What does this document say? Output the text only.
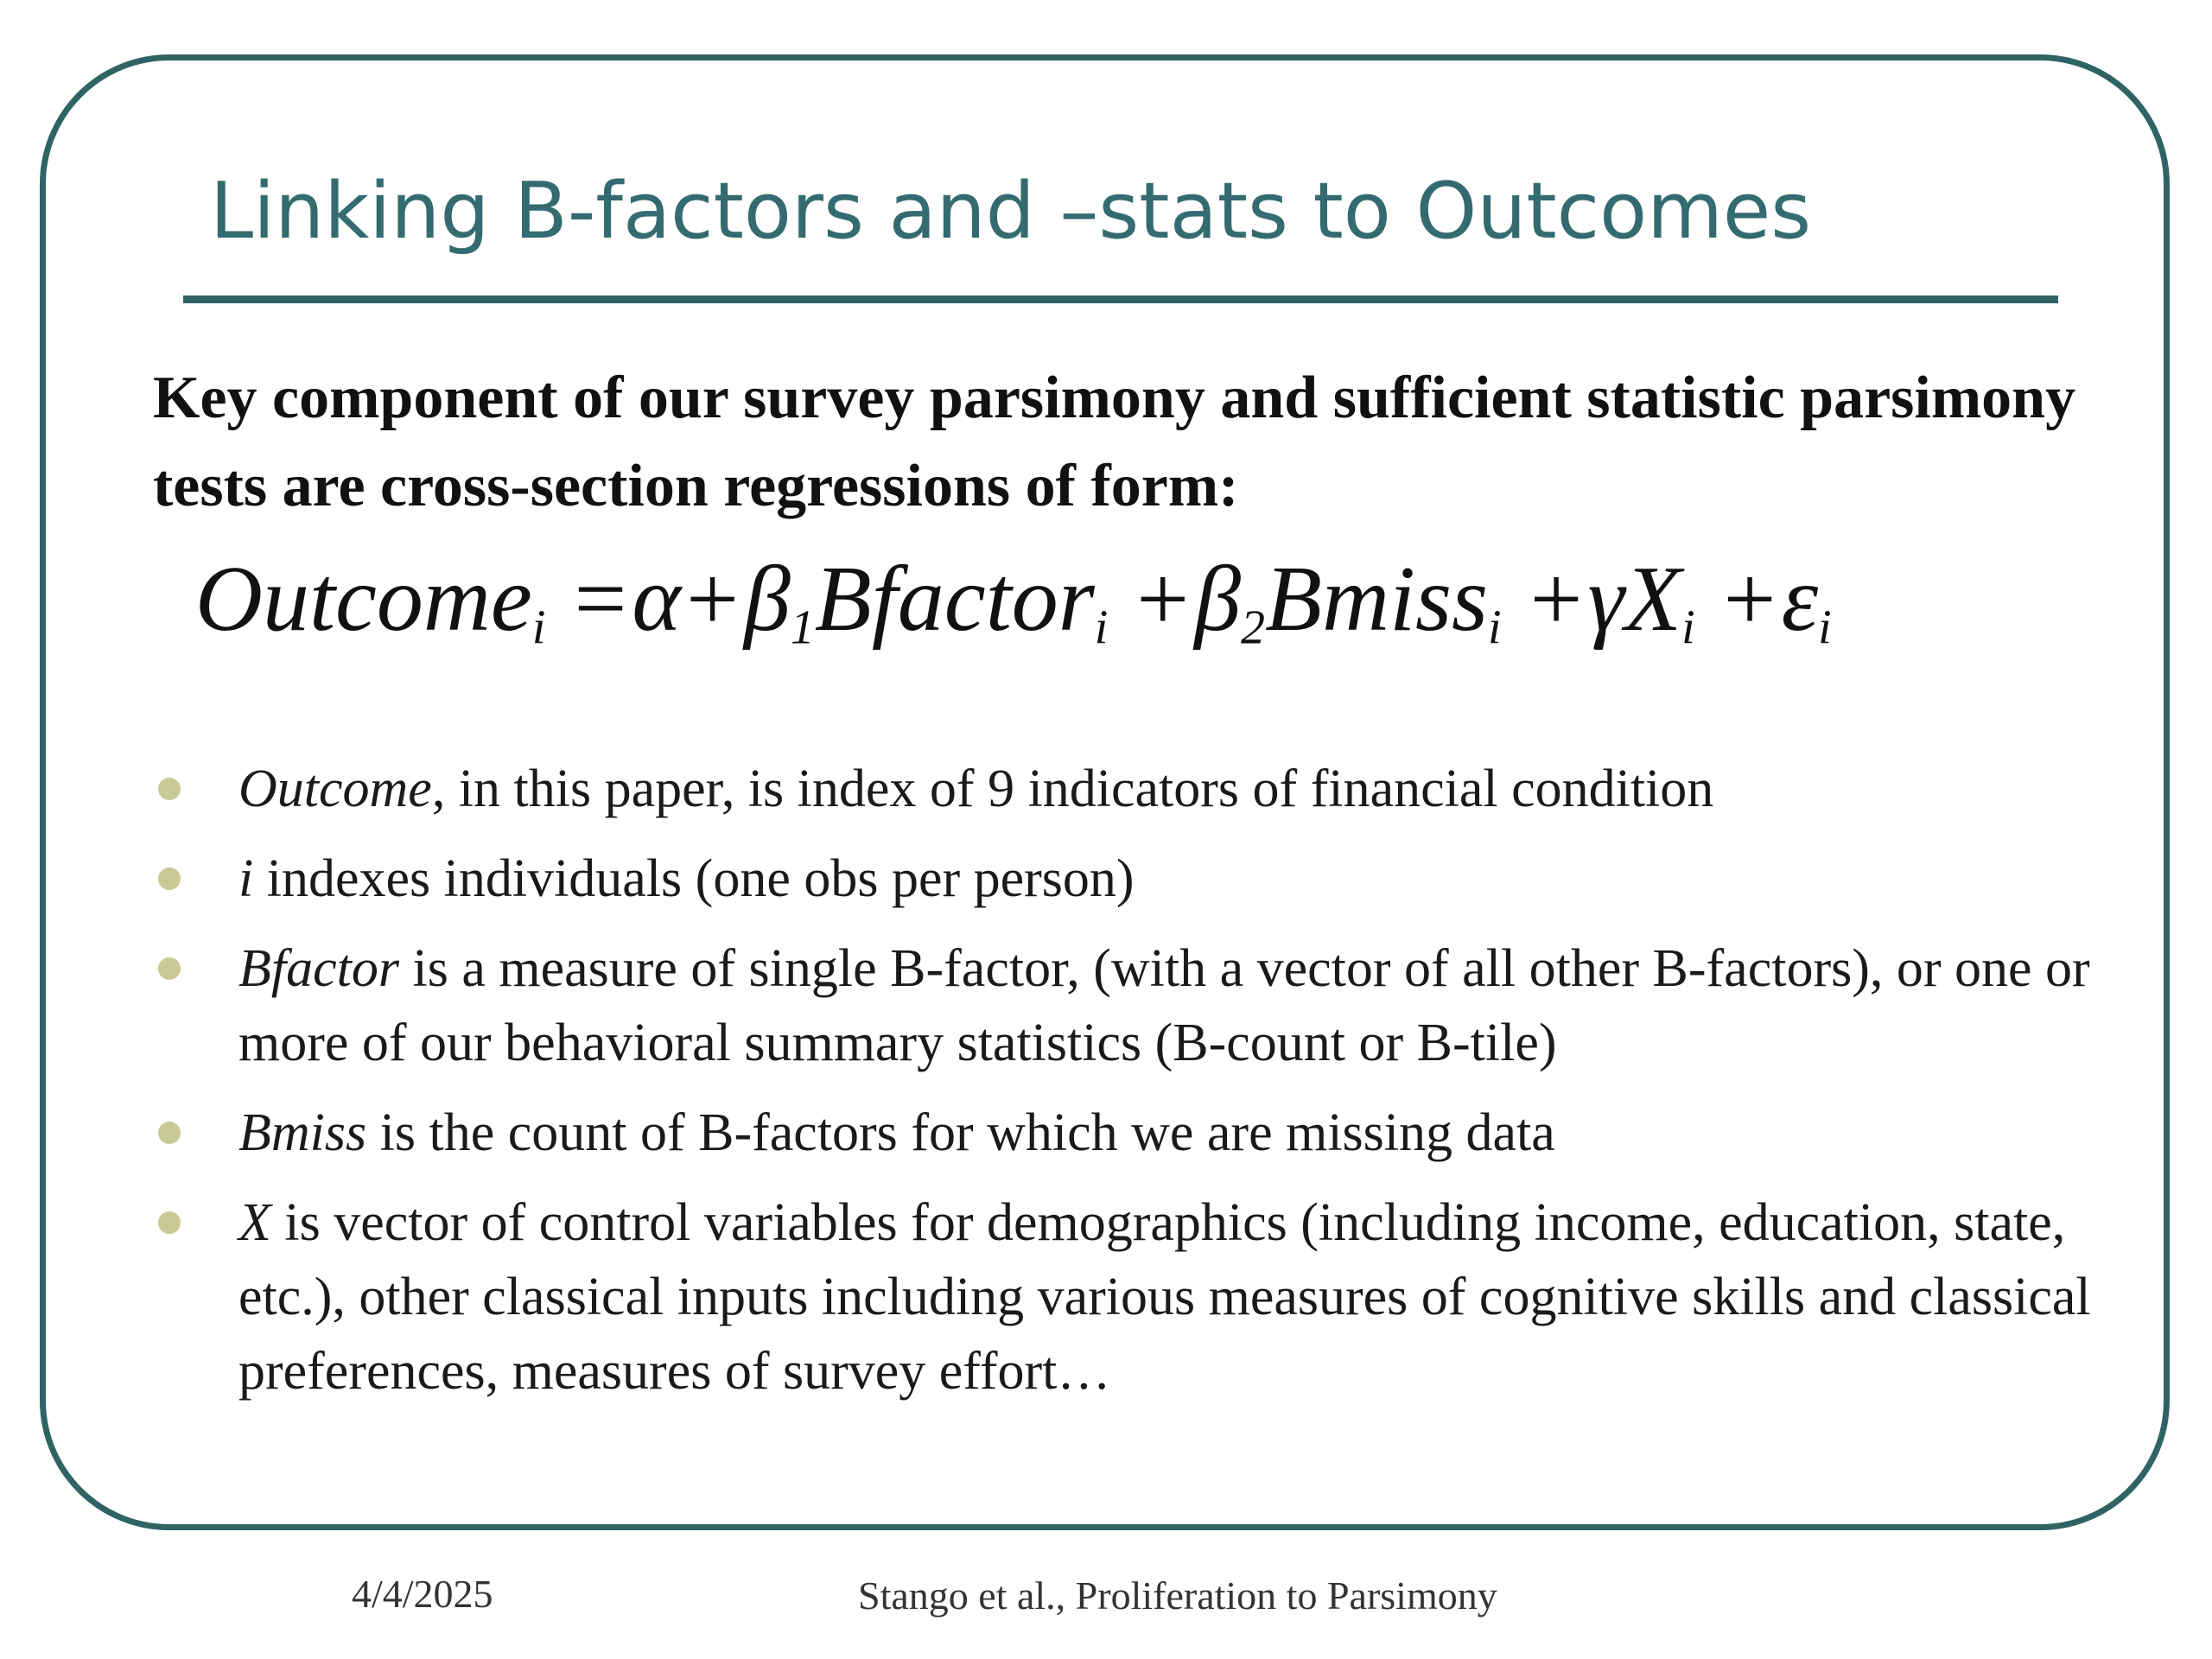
Linking B-factors and –stats to Outcomes
Key component of our survey parsimony and sufficient statistic parsimony tests are cross-section regressions of form:
Outcome$_i$ $=\alpha+\beta_1Bfactor_i$ $+\beta_2Bmiss_i +\gamma X_i +\varepsilon_i$
Outcome, in this paper, is index of 9 indicators of financial condition
i indexes individuals (one obs per person)
Bfactor is a measure of single B-factor, (with a vector of all other B-factors), or one or more of our behavioral summary statistics (B-count or B-tile)
Bmiss is the count of B-factors for which we are missing data
X is vector of control variables for demographics (including income, education, state, etc.), other classical inputs including various measures of cognitive skills and classical preferences, measures of survey effort…
4/4/2025	Stango et al., Proliferation to Parsimony
